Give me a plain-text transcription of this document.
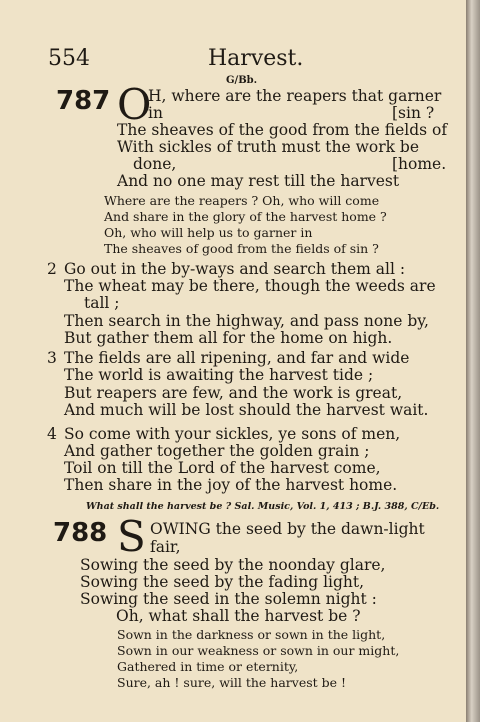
554	Harvest.
G/Bb.
787 O
H, where are the reapers that garner
in	[sin ?
The sheaves of the good from the fields of
With sickles of truth must the work be
done,	[home.
And no one may rest till the harvest
Where are the reapers ? Oh, who will come
And share in the glory of the harvest home ?
Oh, who will help us to garner in
The sheaves of good from the fields of sin ?
2 Go out in the by-ways and search them all :
The wheat may be there, though the weeds are
tall ;
Then search in the highway, and pass none by,
But gather them all for the home on high.
3 The fields are all ripening, and far and wide
The world is awaiting the harvest tide ;
But reapers are few, and the work is great,
And much will be lost should the harvest wait.
4 So come with your sickles, ye sons of men,
And gather together the golden grain ;
Toil on till the Lord of the harvest come,
Then share in the joy of the harvest home.
What shall the harvest be ? Sal. Music, Vol. 1, 413 ; B.J. 388, C/Eb.
788 S OWING the seed by the dawn-light
fair,
Sowing the seed by the noonday glare,
Sowing the seed by the fading light,
Sowing the seed in the solemn night :
Oh, what shall the harvest be ?
Sown in the darkness or sown in the light,
Sown in our weakness or sown in our might,
Gathered in time or eternity,
Sure, ah ! sure, will the harvest be !
